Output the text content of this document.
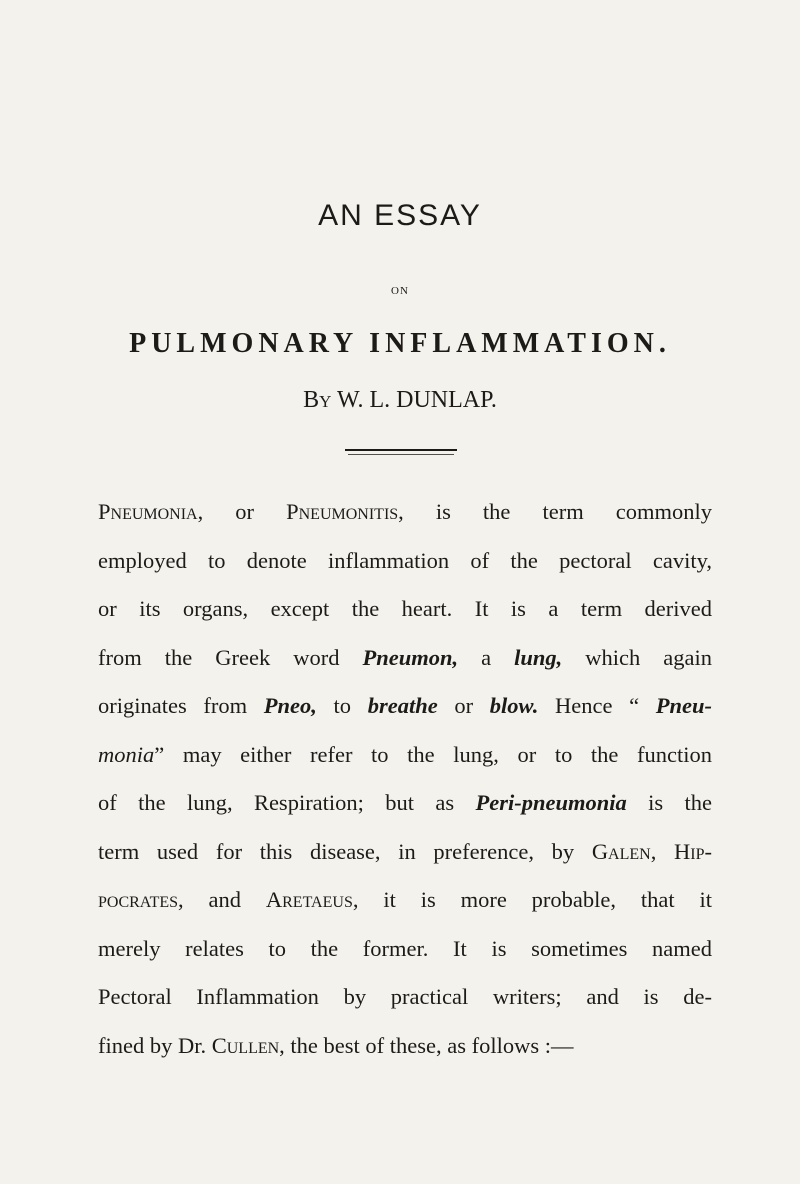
AN ESSAY
ON
PULMONARY INFLAMMATION.
By W. L. DUNLAP.
Pneumonia, or Pneumonitis, is the term commonly
employed to denote inflammation of the pectoral cavity,
or its organs, except the heart. It is a term derived
from the Greek word Pneumon, a lung, which again
originates from Pneo, to breathe or blow. Hence “ Pneu-
monia” may either refer to the lung, or to the function
of the lung, Respiration; but as Peri-pneumonia is the
term used for this disease, in preference, by Galen, Hip-
pocrates, and Aretaeus, it is more probable, that it
merely relates to the former. It is sometimes named
Pectoral Inflammation by practical writers; and is de-
fined by Dr. Cullen, the best of these, as follows :—
